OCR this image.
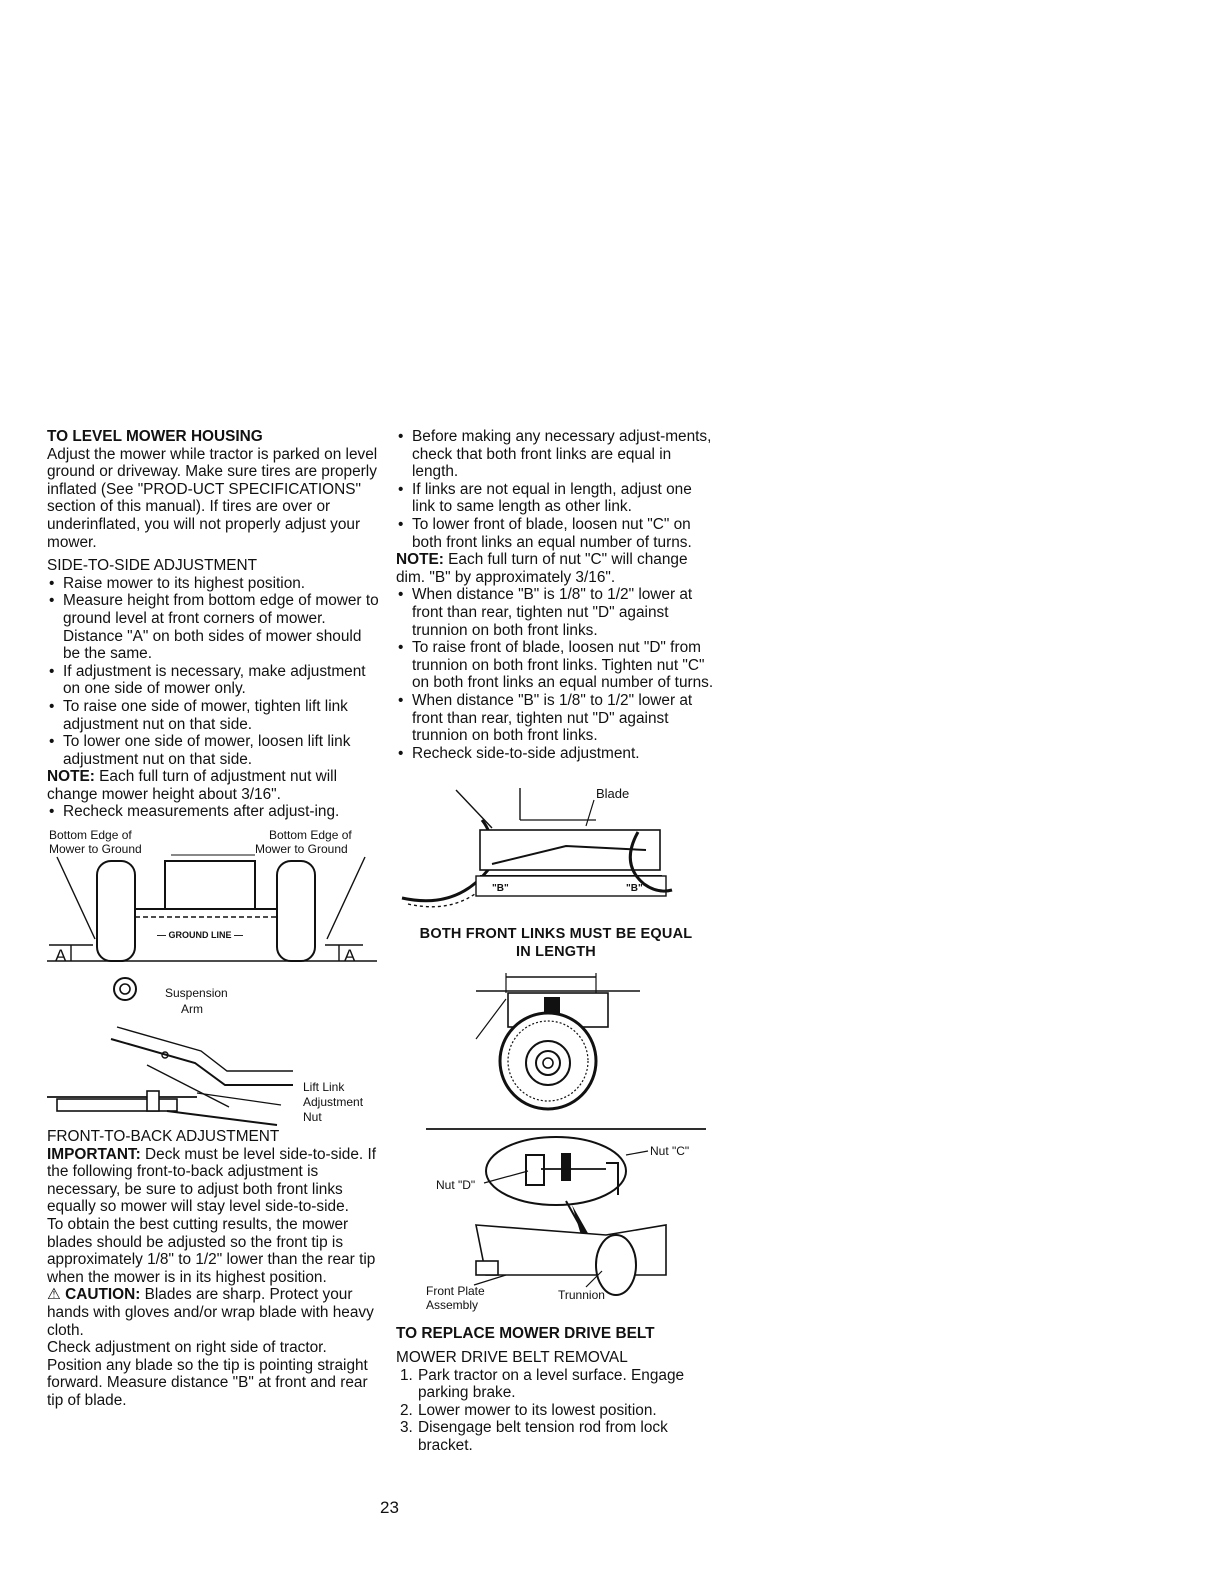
TO LEVEL MOWER HOUSING

Adjust the mower while tractor is parked on level ground or driveway. Make sure tires are properly inflated (See "PROD-UCT SPECIFICATIONS" section of this manual). If tires are over or underinflated, you will not properly adjust your mower.

SIDE-TO-SIDE ADJUSTMENT

• Raise mower to its highest position.
• Measure height from bottom edge of mower to ground level at front corners of mower. Distance "A" on both sides of mower should be the same.
• If adjustment is necessary, make adjustment on one side of mower only.
• To raise one side of mower, tighten lift link adjustment nut on that side.
• To lower one side of mower, loosen lift link adjustment nut on that side.

NOTE: Each full turn of adjustment nut will change mower height about 3/16".

• Recheck measurements after adjust-ing.
Bottom Edge of
Mower to Ground
Bottom Edge of
Mower to Ground
— GROUND LINE —
A	A
Suspension
Arm
Lift Link
Adjustment
Nut

FRONT-TO-BACK ADJUSTMENT

IMPORTANT: Deck must be level side-to-side. If the following front-to-back adjustment is necessary, be sure to adjust both front links equally so mower will stay level side-to-side.

To obtain the best cutting results, the mower blades should be adjusted so the front tip is approximately 1/8" to 1/2" lower than the rear tip when the mower is in its highest position.

⚠ CAUTION: Blades are sharp. Protect your hands with gloves and/or wrap blade with heavy cloth.

Check adjustment on right side of tractor. Position any blade so the tip is pointing straight forward. Measure distance "B" at front and rear tip of blade.

• Before making any necessary adjust-ments, check that both front links are equal in length.
• If links are not equal in length, adjust one link to same length as other link.
• To lower front of blade, loosen nut "C" on both front links an equal number of turns.

NOTE: Each full turn of nut "C" will change dim. "B" by approximately 3/16".

• When distance "B" is 1/8" to 1/2" lower at front than rear, tighten nut "D" against trunnion on both front links.
• To raise front of blade, loosen nut "D" from trunnion on both front links. Tighten nut "C" on both front links an equal number of turns.
• When distance "B" is 1/8" to 1/2" lower at front than rear, tighten nut "D" against trunnion on both front links.
• Recheck side-to-side adjustment.
Blade
"B"	"B"

BOTH FRONT LINKS MUST BE EQUAL
IN LENGTH

Nut "C"
Nut "D"
Front Plate
Assembly
Trunnion

TO REPLACE MOWER DRIVE BELT

MOWER DRIVE BELT REMOVAL

1. Park tractor on a level surface. Engage parking brake.
2. Lower mower to its lowest position.
3. Disengage belt tension rod from lock bracket.
23
